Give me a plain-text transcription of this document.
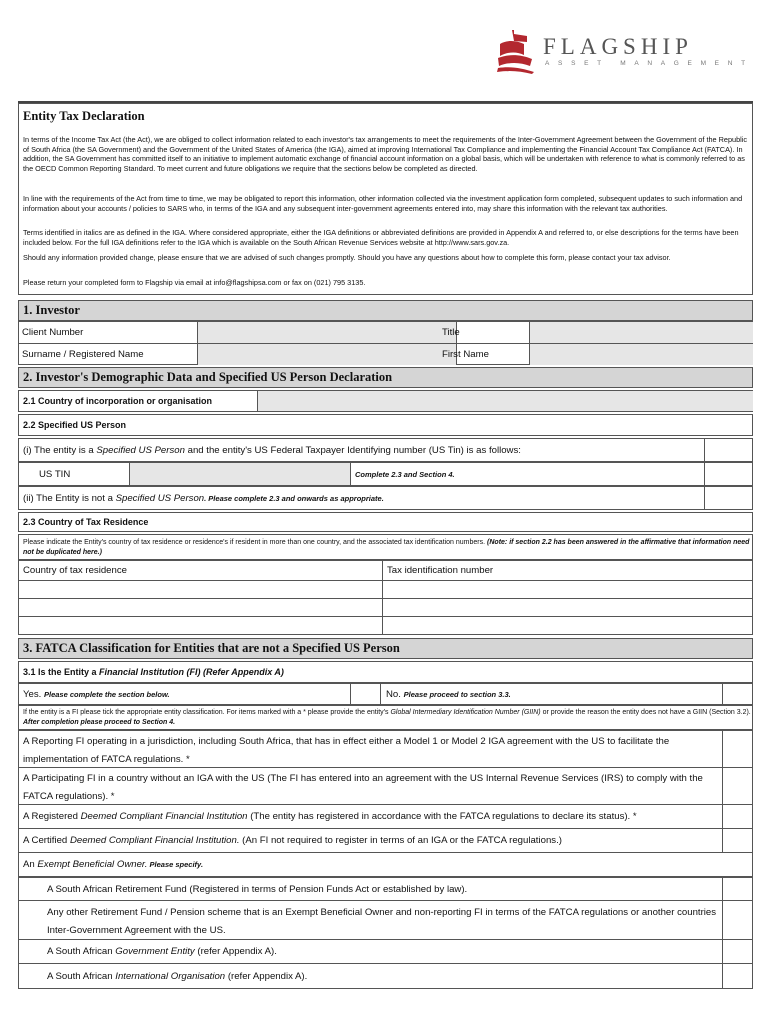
FLAGSHIP
ASSET MANAGEMENT
Entity Tax Declaration
In terms of the Income Tax Act (the Act), we are obliged to collect information related to each investor's tax arrangements to meet the requirements of the Inter-Government Agreement between the Government of the Republic of South Africa (the SA Government) and the Government of the United States of America (the IGA), aimed at improving International Tax Compliance and implementing the Financial Account Tax Compliance Act (FATCA). In addition, the SA Government has committed itself to an initiative to implement automatic exchange of financial account information on a global basis, which will be undertaken with reference to what is commonly referred to as the OECD Common Reporting Standard. To meet current and future obligations we require that the sections below be completed as directed.
In line with the requirements of the Act from time to time, we may be obligated to report this information, other information collected via the investment application form completed, subsequent updates to such information and information about your accounts / policies to SARS who, in terms of the IGA and any subsequent inter-government agreements entered into, may share this information with the relevant tax authorities.
Terms identified in italics are as defined in the IGA. Where considered appropriate, either the IGA definitions or abbreviated definitions are provided in Appendix A and referred to, or else descriptions for the terms have been included below. For the full IGA definitions refer to the IGA which is available on the South African Revenue Services website at http://www.sars.gov.za.
Should any information provided change, please ensure that we are advised of such changes promptly. Should you have any questions about how to complete this form, please contact your tax advisor.
Please return your completed form to Flagship via email at info@flagshipsa.com or fax on (021) 795 3135.
1. Investor
Client Number	Title
Surname / Registered Name	First Name
2. Investor's Demographic Data and Specified US Person Declaration
2.1 Country of incorporation or organisation
2.2 Specified US Person
(i) The entity is a Specified US Person and the entity's US Federal Taxpayer Identifying number (US Tin) is as follows:
US TIN	Complete 2.3 and Section 4.
(ii) The Entity is not a Specified US Person. Please complete 2.3 and onwards as appropriate.
2.3 Country of Tax Residence
Please indicate the Entity's country of tax residence or residence's if resident in more than one country, and the associated tax identification numbers. (Note: if section 2.2 has been answered in the affirmative that information need not be duplicated here.)
Country of tax residence	Tax identification number
3. FATCA Classification for Entities that are not a Specified US Person
3.1 Is the Entity a Financial Institution (FI) (Refer Appendix A)
Yes. Please complete the section below.	No. Please proceed to section 3.3.
If the entity is a FI please tick the appropriate entity classification. For items marked with a * please provide the entity's Global Intermediary Identification Number (GIIN) or provide the reason the entity does not have a GIIN (Section 3.2). After completion please proceed to Section 4.
A Reporting FI operating in a jurisdiction, including South Africa, that has in effect either a Model 1 or Model 2 IGA agreement with the US to facilitate the implementation of FATCA regulations. *
A Participating FI in a country without an IGA with the US (The FI has entered into an agreement with the US Internal Revenue Services (IRS) to comply with the FATCA regulations). *
A Registered Deemed Compliant Financial Institution (The entity has registered in accordance with the FATCA regulations to declare its status). *
A Certified Deemed Compliant Financial Institution. (An FI not required to register in terms of an IGA or the FATCA regulations.)
An Exempt Beneficial Owner. Please specify.
A South African Retirement Fund (Registered in terms of Pension Funds Act or established by law).
Any other Retirement Fund / Pension scheme that is an Exempt Beneficial Owner and non-reporting FI in terms of the FATCA regulations or another countries Inter-Government Agreement with the US.
A South African Government Entity (refer Appendix A).
A South African International Organisation (refer Appendix A).
